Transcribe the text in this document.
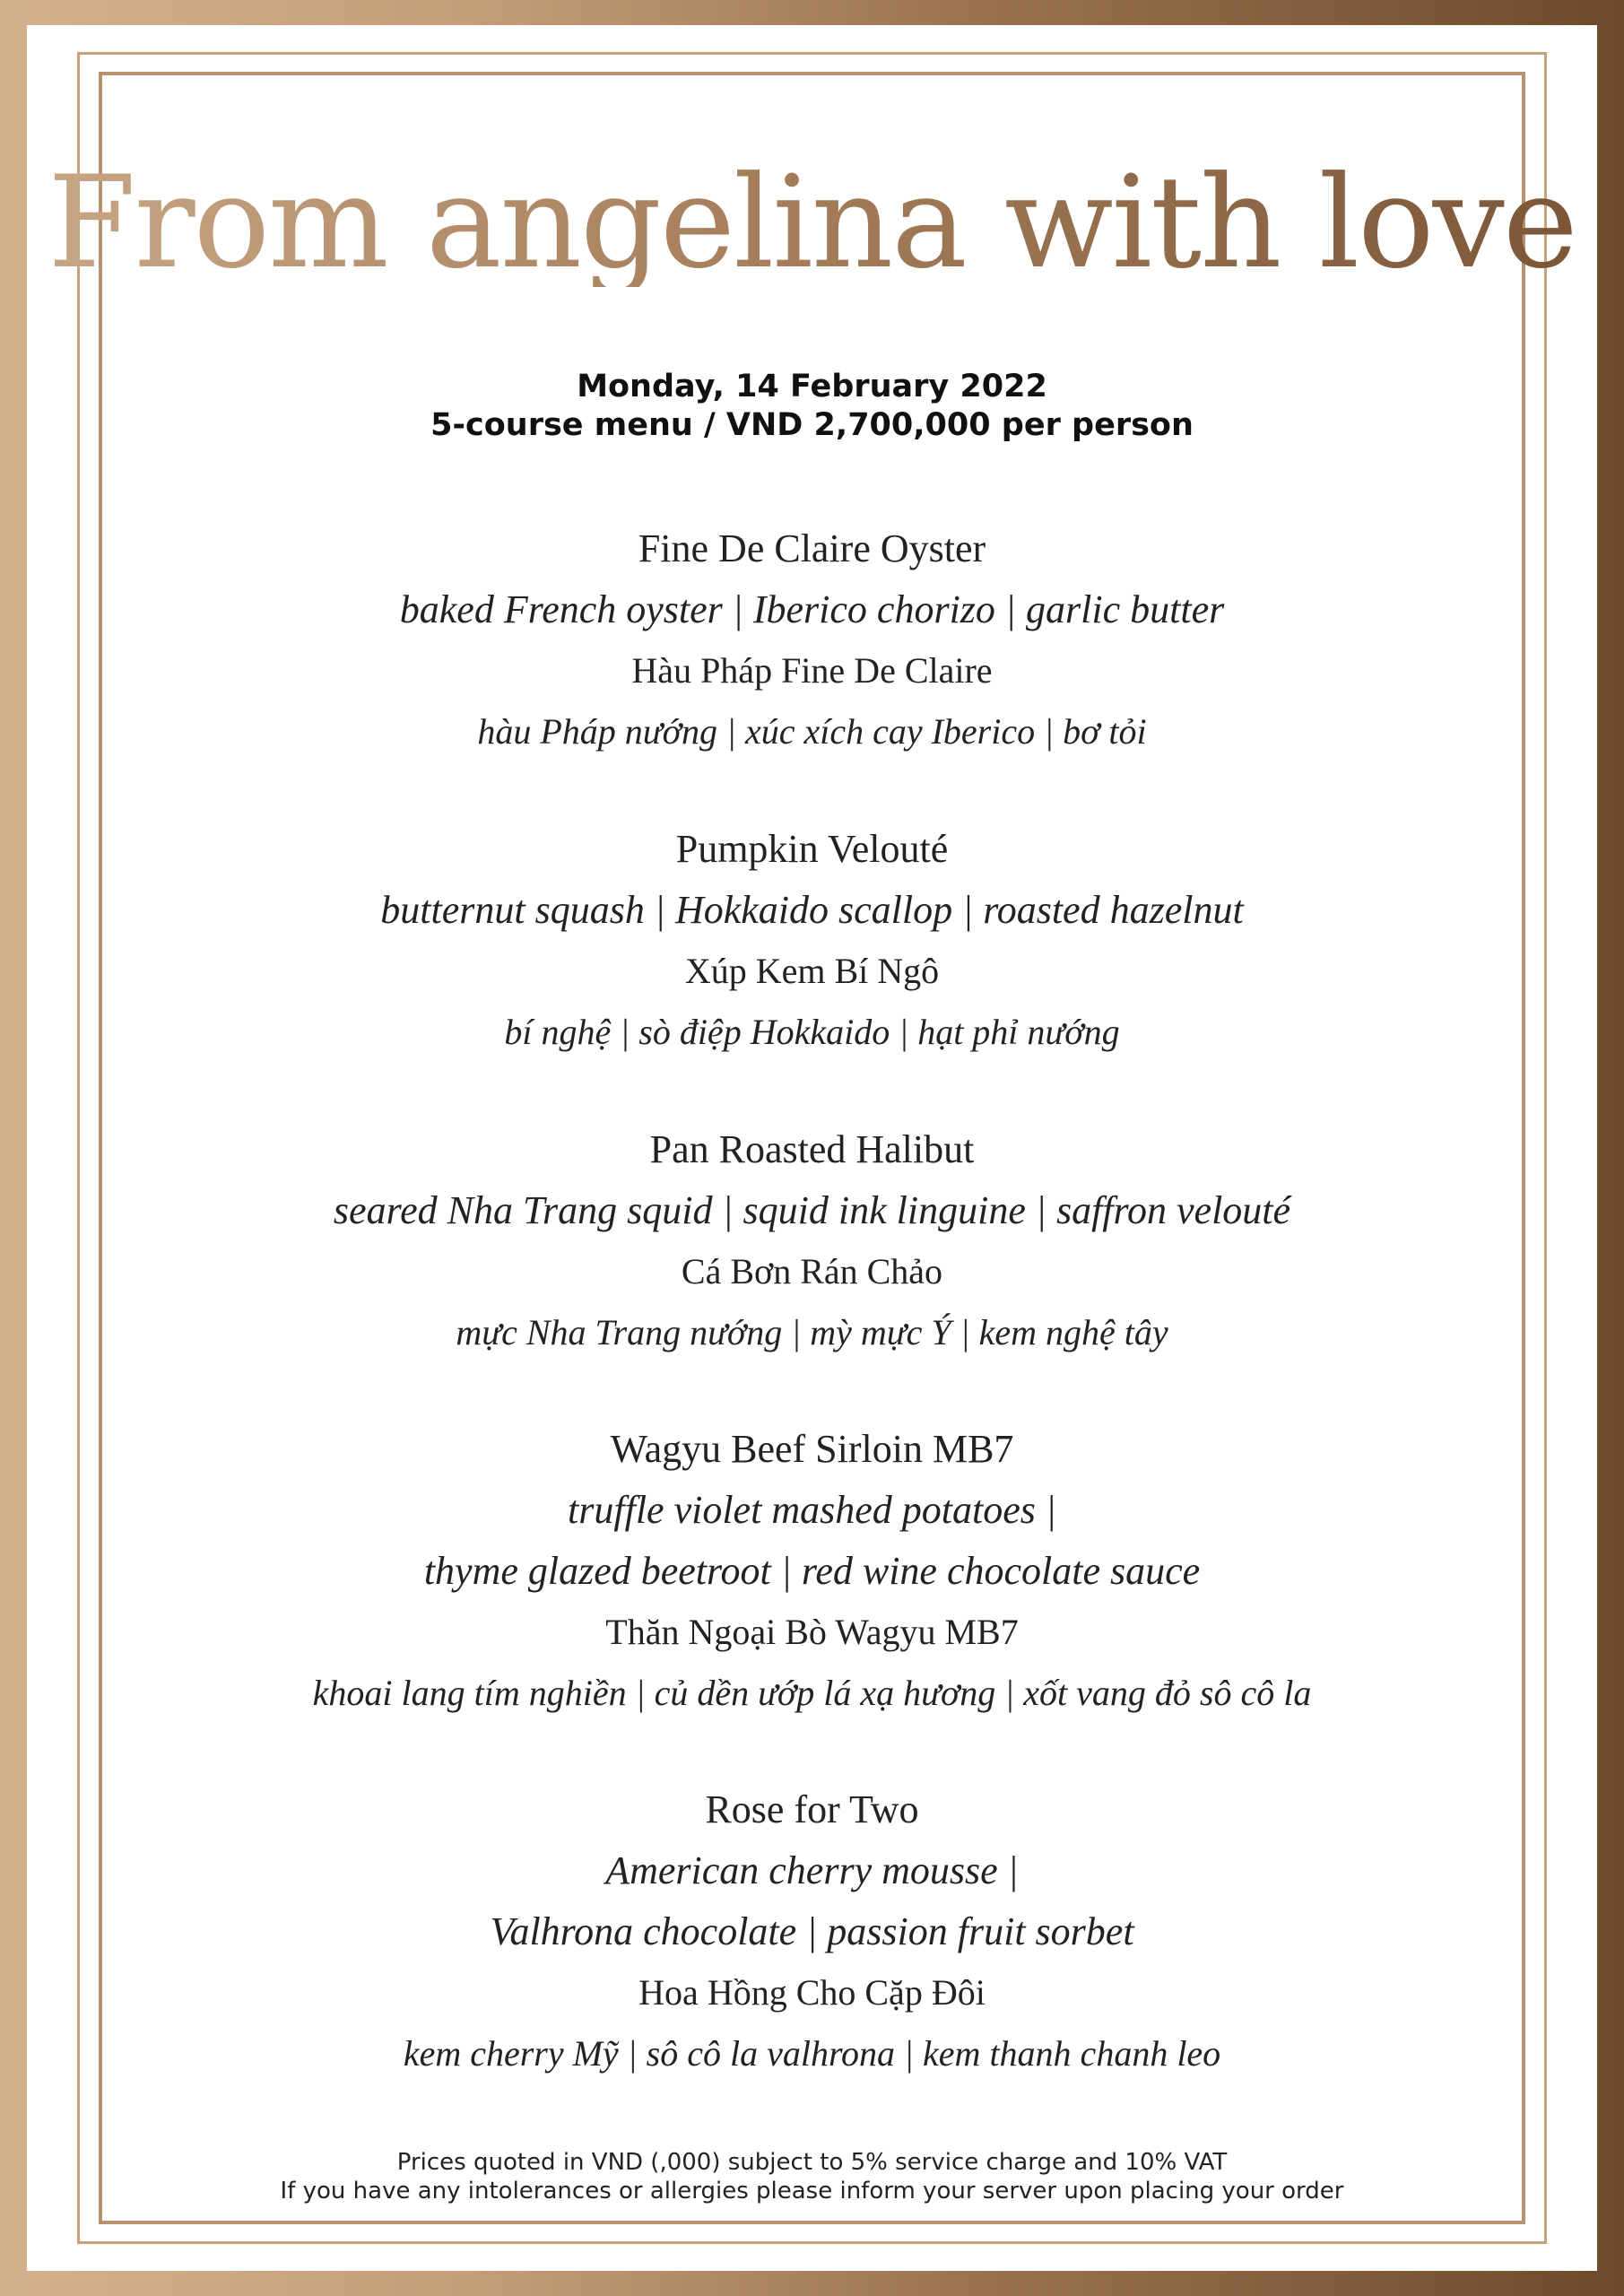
From angelina with love
Monday, 14 February 2022
5-course menu / VND 2,700,000 per person
Fine De Claire Oyster
baked French oyster | Iberico chorizo | garlic butter
Hàu Pháp Fine De Claire
hàu Pháp nướng | xúc xích cay Iberico | bơ tỏi
Pumpkin Velouté
butternut squash | Hokkaido scallop | roasted hazelnut
Xúp Kem Bí Ngô
bí nghệ | sò điệp Hokkaido | hạt phỉ nướng
Pan Roasted Halibut
seared Nha Trang squid | squid ink linguine | saffron velouté
Cá Bơn Rán Chảo
mực Nha Trang nướng | mỳ mực Ý | kem nghệ tây
Wagyu Beef Sirloin MB7
truffle violet mashed potatoes |
thyme glazed beetroot | red wine chocolate sauce
Thăn Ngoại Bò Wagyu MB7
khoai lang tím nghiền | củ dền ướp lá xạ hương | xốt vang đỏ sô cô la
Rose for Two
American cherry mousse |
Valhrona chocolate | passion fruit sorbet
Hoa Hồng Cho Cặp Đôi
kem cherry Mỹ | sô cô la valhrona | kem thanh chanh leo
Prices quoted in VND (,000) subject to 5% service charge and 10% VAT
If you have any intolerances or allergies please inform your server upon placing your order
